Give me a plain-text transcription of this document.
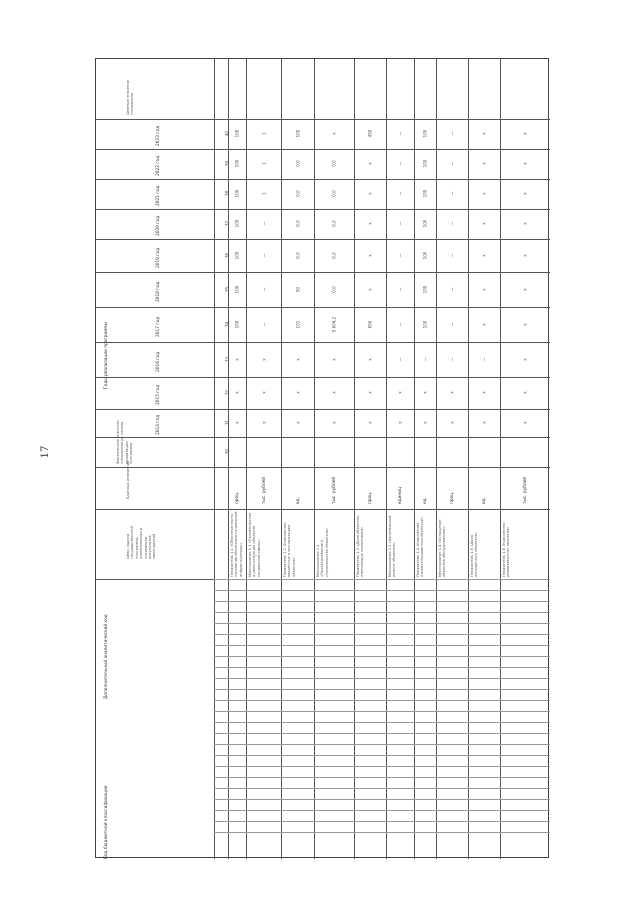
17
Цели, задачи государственной программы, наименования и показатели результатов мероприятий
Единица измерения
Фактическое значение показателя до начала реализации программы
Годы реализации программы
Целевое значение показателя
Код бюджетной классификации
Дополнительный аналитический код
2014 год
2015 год
2016 год
2017 год
2018 год
2019 год
2020 год
2021 год
2022 год
2023 год
30
31
32
33
34
35
36
37
38
39
40
Показатель 1.1 «Обеспеченность населения объектами социальной инфраструктуры»
проц.
х
х
х
100
100
100
100
100
100
100
Мероприятие 1.1 «Строительство и реконструкция объектов социальной сферы»
тыс. рублей
х
х
х
—
—
—
—
1
1
1
Показатель 1.2 «Количество введённых в эксплуатацию объектов»
ед.
х
х
х
101
50
0,0
0,0
0,0
0,0
100
Мероприятие 1.2 «Проектирование и строительство объектов»
тыс. рублей
х
х
х
5 604,2
0,0
0,0
0,0
0,0
0,0
х
Показатель 1.3 «Доля объектов, отвечающих нормативам»
проц.
х
х
х
650
х
х
х
х
х
450
Мероприятие 1.3 «Капитальный ремонт объектов»
единиц
х
х
—
—
—
—
—
—
—
—
Показатель 1.4 «Количество отремонтированных объектов»
ед.
х
х
—
100
100
100
100
100
100
100
Мероприятие 1.4 «Оснащение объектов оборудованием»
проц.
х
х
—
—
—
—
—
—
—
—
Показатель 1.5 «Доля оснащённых объектов»
ед.
х
х
—
х
х
х
х
х
х
х
Показатель 1.6 «Количество реализованных проектов»
тыс. рублей
х
х
х
х
х
х
х
х
х
х
